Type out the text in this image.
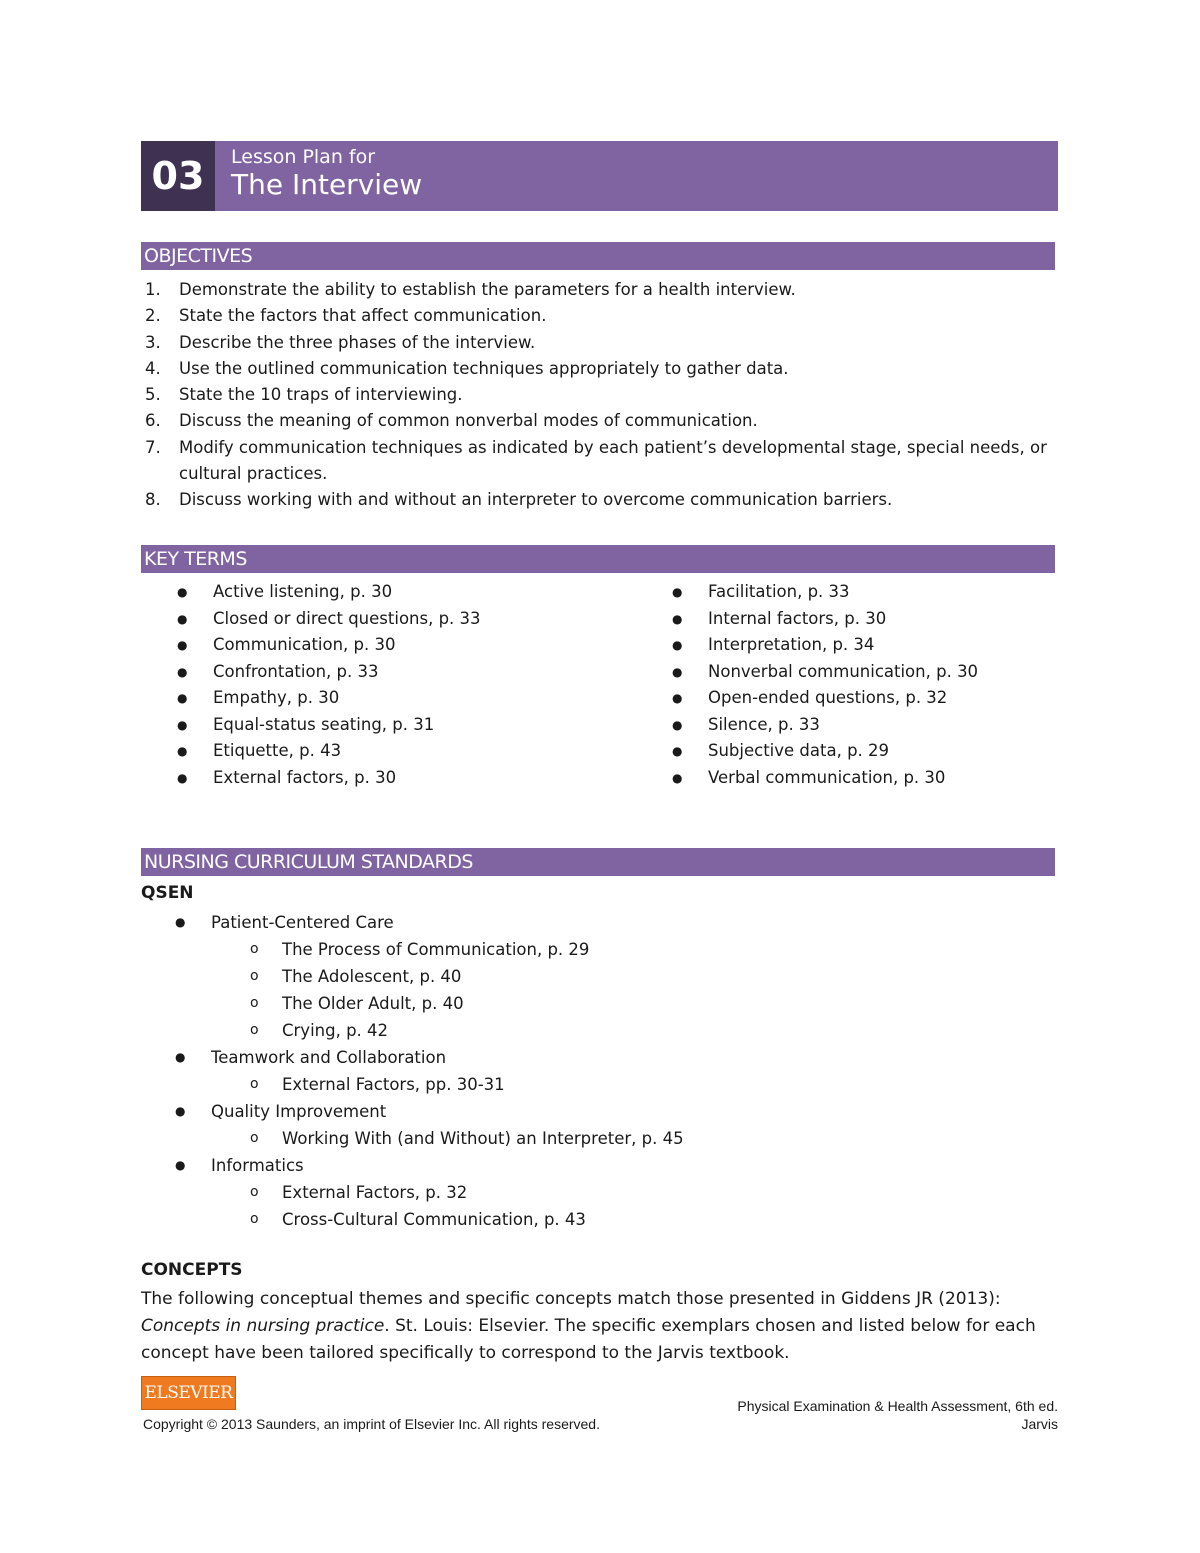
03	Lesson Plan for
The Interview
OBJECTIVES
1. Demonstrate the ability to establish the parameters for a health interview.
2. State the factors that affect communication.
3. Describe the three phases of the interview.
4. Use the outlined communication techniques appropriately to gather data.
5. State the 10 traps of interviewing.
6. Discuss the meaning of common nonverbal modes of communication.
7. Modify communication techniques as indicated by each patient’s developmental stage, special needs, or cultural practices.
8. Discuss working with and without an interpreter to overcome communication barriers.
KEY TERMS
● Active listening, p. 30
● Closed or direct questions, p. 33
● Communication, p. 30
● Confrontation, p. 33
● Empathy, p. 30
● Equal-status seating, p. 31
● Etiquette, p. 43
● External factors, p. 30
● Facilitation, p. 33
● Internal factors, p. 30
● Interpretation, p. 34
● Nonverbal communication, p. 30
● Open-ended questions, p. 32
● Silence, p. 33
● Subjective data, p. 29
● Verbal communication, p. 30
NURSING CURRICULUM STANDARDS
QSEN
● Patient-Centered Care
o The Process of Communication, p. 29
o The Adolescent, p. 40
o The Older Adult, p. 40
o Crying, p. 42
● Teamwork and Collaboration
o External Factors, pp. 30-31
● Quality Improvement
o Working With (and Without) an Interpreter, p. 45
● Informatics
o External Factors, p. 32
o Cross-Cultural Communication, p. 43
CONCEPTS
The following conceptual themes and specific concepts match those presented in Giddens JR (2013): Concepts in nursing practice. St. Louis: Elsevier. The specific exemplars chosen and listed below for each concept have been tailored specifically to correspond to the Jarvis textbook.
ELSEVIER
Copyright © 2013 Saunders, an imprint of Elsevier Inc. All rights reserved.
Physical Examination & Health Assessment, 6th ed.
Jarvis
